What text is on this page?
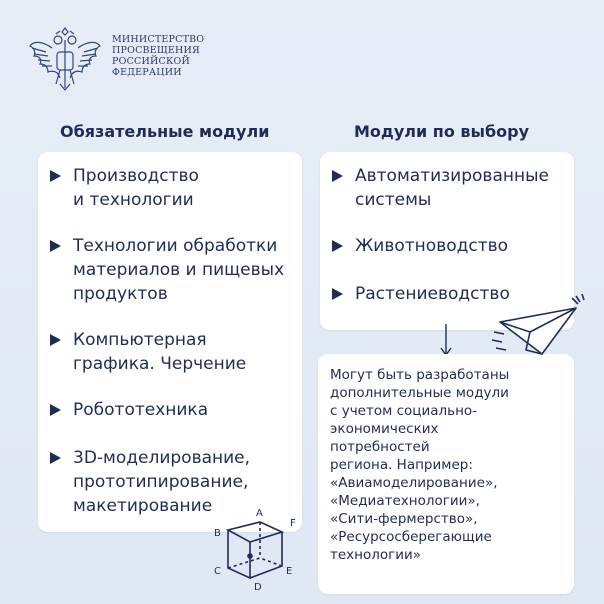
МИНИСТЕРСТВО
ПРОСВЕЩЕНИЯ
РОССИЙСКОЙ
ФЕДЕРАЦИИ
Обязательные модули	Модули по выбору
Производство
и технологии
Технологии обработки
материалов и пищевых
продуктов
Компьютерная
графика. Черчение
Робототехника
3D-моделирование,
прототипирование,
макетирование
Автоматизированные
системы
Животноводство
Растениеводство
Могут быть разработаны
дополнительные модули
с учетом социально-
экономических
потребностей
региона. Например:
«Авиамоделирование»,
«Медиатехнологии»,
«Сити-фермерство»,
«Ресурсосберегающие
технологии»
A
F
B
C
D
E
